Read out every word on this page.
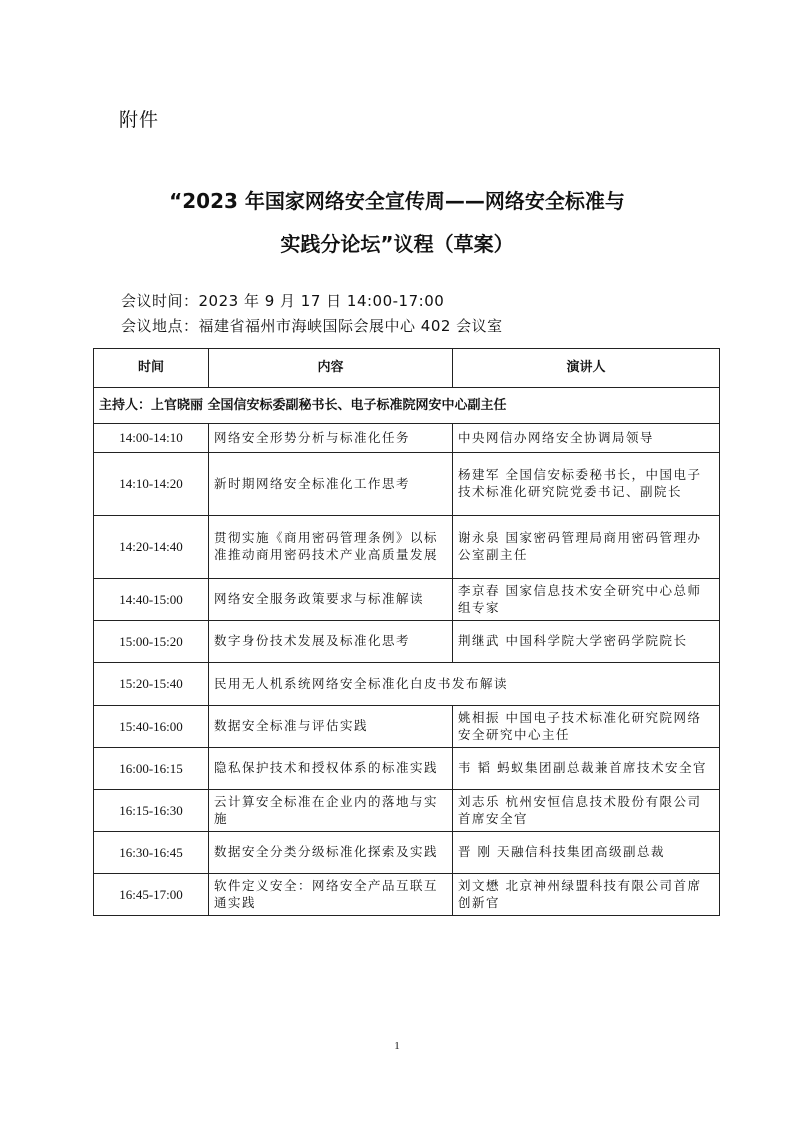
附件
“2023 年国家网络安全宣传周——网络安全标准与
实践分论坛”议程（草案）
会议时间：2023 年 9 月 17 日 14:00-17:00
会议地点：福建省福州市海峡国际会展中心 402 会议室
时间	内容	演讲人
主持人：上官晓丽 全国信安标委副秘书长、电子标准院网安中心副主任		
14:00-14:10	网络安全形势分析与标准化任务	中央网信办网络安全协调局领导
14:10-14:20	新时期网络安全标准化工作思考	杨建军 全国信安标委秘书长，中国电子技术标准化研究院党委书记、副院长
14:20-14:40	贯彻实施《商用密码管理条例》以标准推动商用密码技术产业高质量发展	谢永泉 国家密码管理局商用密码管理办公室副主任
14:40-15:00	网络安全服务政策要求与标准解读	李京春 国家信息技术安全研究中心总师组专家
15:00-15:20	数字身份技术发展及标准化思考	荆继武 中国科学院大学密码学院院长
15:20-15:40	民用无人机系统网络安全标准化白皮书发布解读	
15:40-16:00	数据安全标准与评估实践	姚相振 中国电子技术标准化研究院网络安全研究中心主任
16:00-16:15	隐私保护技术和授权体系的标准实践	韦 韬 蚂蚁集团副总裁兼首席技术安全官
16:15-16:30	云计算安全标准在企业内的落地与实施	刘志乐 杭州安恒信息技术股份有限公司首席安全官
16:30-16:45	数据安全分类分级标准化探索及实践	晋 刚 天融信科技集团高级副总裁
16:45-17:00	软件定义安全：网络安全产品互联互通实践	刘文懋 北京神州绿盟科技有限公司首席创新官
1
